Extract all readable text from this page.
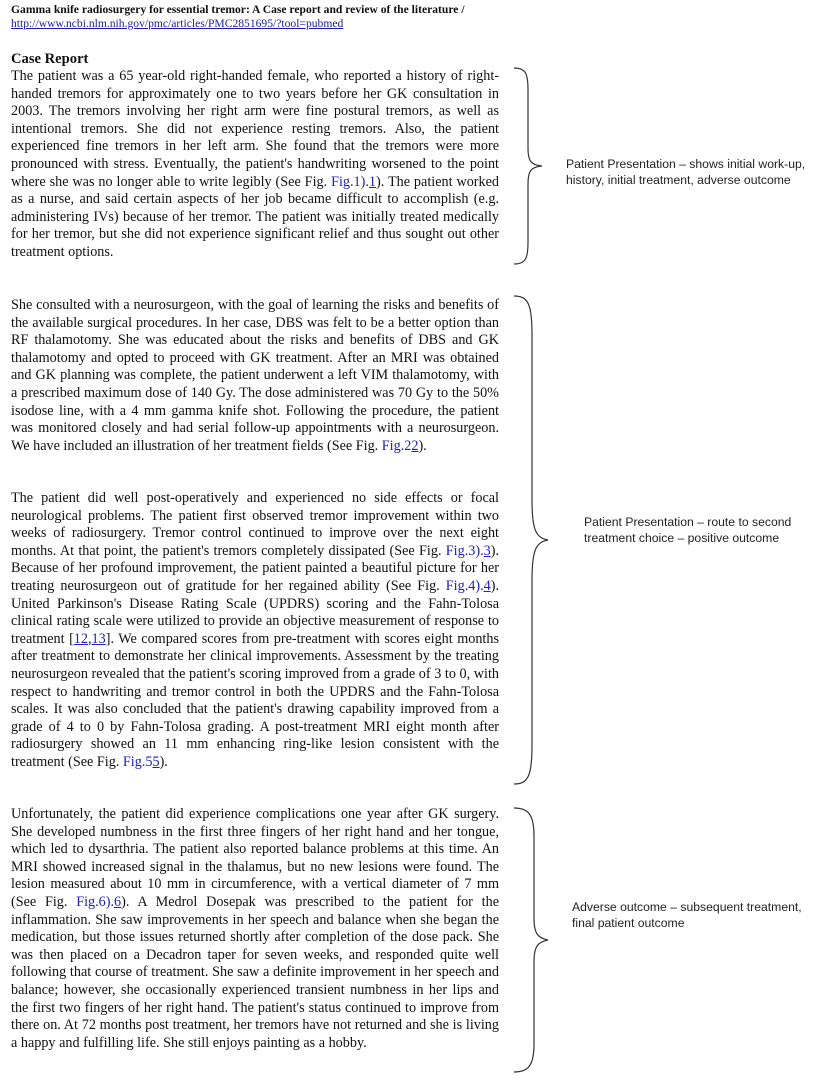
Gamma knife radiosurgery for essential tremor: A Case report and review of the literature /
http://www.ncbi.nlm.nih.gov/pmc/articles/PMC2851695/?tool=pubmed
Case Report

The patient was a 65 year-old right-handed female, who reported a history of right-handed tremors for approximately one to two years before her GK consultation in 2003. The tremors involving her right arm were fine postural tremors, as well as intentional tremors. She did not experience resting tremors. Also, the patient experienced fine tremors in her left arm. She found that the tremors were more pronounced with stress. Eventually, the patient's handwriting worsened to the point where she was no longer able to write legibly (See Fig. Fig.1).1). The patient worked as a nurse, and said certain aspects of her job became difficult to accomplish (e.g. administering IVs) because of her tremor. The patient was initially treated medically for her tremor, but she did not experience significant relief and thus sought out other treatment options.

She consulted with a neurosurgeon, with the goal of learning the risks and benefits of the available surgical procedures. In her case, DBS was felt to be a better option than RF thalamotomy. She was educated about the risks and benefits of DBS and GK thalamotomy and opted to proceed with GK treatment. After an MRI was obtained and GK planning was complete, the patient underwent a left VIM thalamotomy, with a prescribed maximum dose of 140 Gy. The dose administered was 70 Gy to the 50% isodose line, with a 4 mm gamma knife shot. Following the procedure, the patient was monitored closely and had serial follow-up appointments with a neurosurgeon. We have included an illustration of her treatment fields (See Fig. Fig.22).

The patient did well post-operatively and experienced no side effects or focal neurological problems. The patient first observed tremor improvement within two weeks of radiosurgery. Tremor control continued to improve over the next eight months. At that point, the patient's tremors completely dissipated (See Fig. Fig.3).3). Because of her profound improvement, the patient painted a beautiful picture for her treating neurosurgeon out of gratitude for her regained ability (See Fig. Fig.4).4). United Parkinson's Disease Rating Scale (UPDRS) scoring and the Fahn-Tolosa clinical rating scale were utilized to provide an objective measurement of response to treatment [12,13]. We compared scores from pre-treatment with scores eight months after treatment to demonstrate her clinical improvements. Assessment by the treating neurosurgeon revealed that the patient's scoring improved from a grade of 3 to 0, with respect to handwriting and tremor control in both the UPDRS and the Fahn-Tolosa scales. It was also concluded that the patient's drawing capability improved from a grade of 4 to 0 by Fahn-Tolosa grading. A post-treatment MRI eight month after radiosurgery showed an 11 mm enhancing ring-like lesion consistent with the treatment (See Fig. Fig.55).

Unfortunately, the patient did experience complications one year after GK surgery. She developed numbness in the first three fingers of her right hand and her tongue, which led to dysarthria. The patient also reported balance problems at this time. An MRI showed increased signal in the thalamus, but no new lesions were found. The lesion measured about 10 mm in circumference, with a vertical diameter of 7 mm (See Fig. Fig.6).6). A Medrol Dosepak was prescribed to the patient for the inflammation. She saw improvements in her speech and balance when she began the medication, but those issues returned shortly after completion of the dose pack. She was then placed on a Decadron taper for seven weeks, and responded quite well following that course of treatment. She saw a definite improvement in her speech and balance; however, she occasionally experienced transient numbness in her lips and the first two fingers of her right hand. The patient's status continued to improve from there on. At 72 months post treatment, her tremors have not returned and she is living a happy and fulfilling life. She still enjoys painting as a hobby.

Patient Presentation – shows initial work-up, history, initial treatment, adverse outcome
Patient Presentation – route to second treatment choice – positive outcome
Adverse outcome – subsequent treatment, final patient outcome
